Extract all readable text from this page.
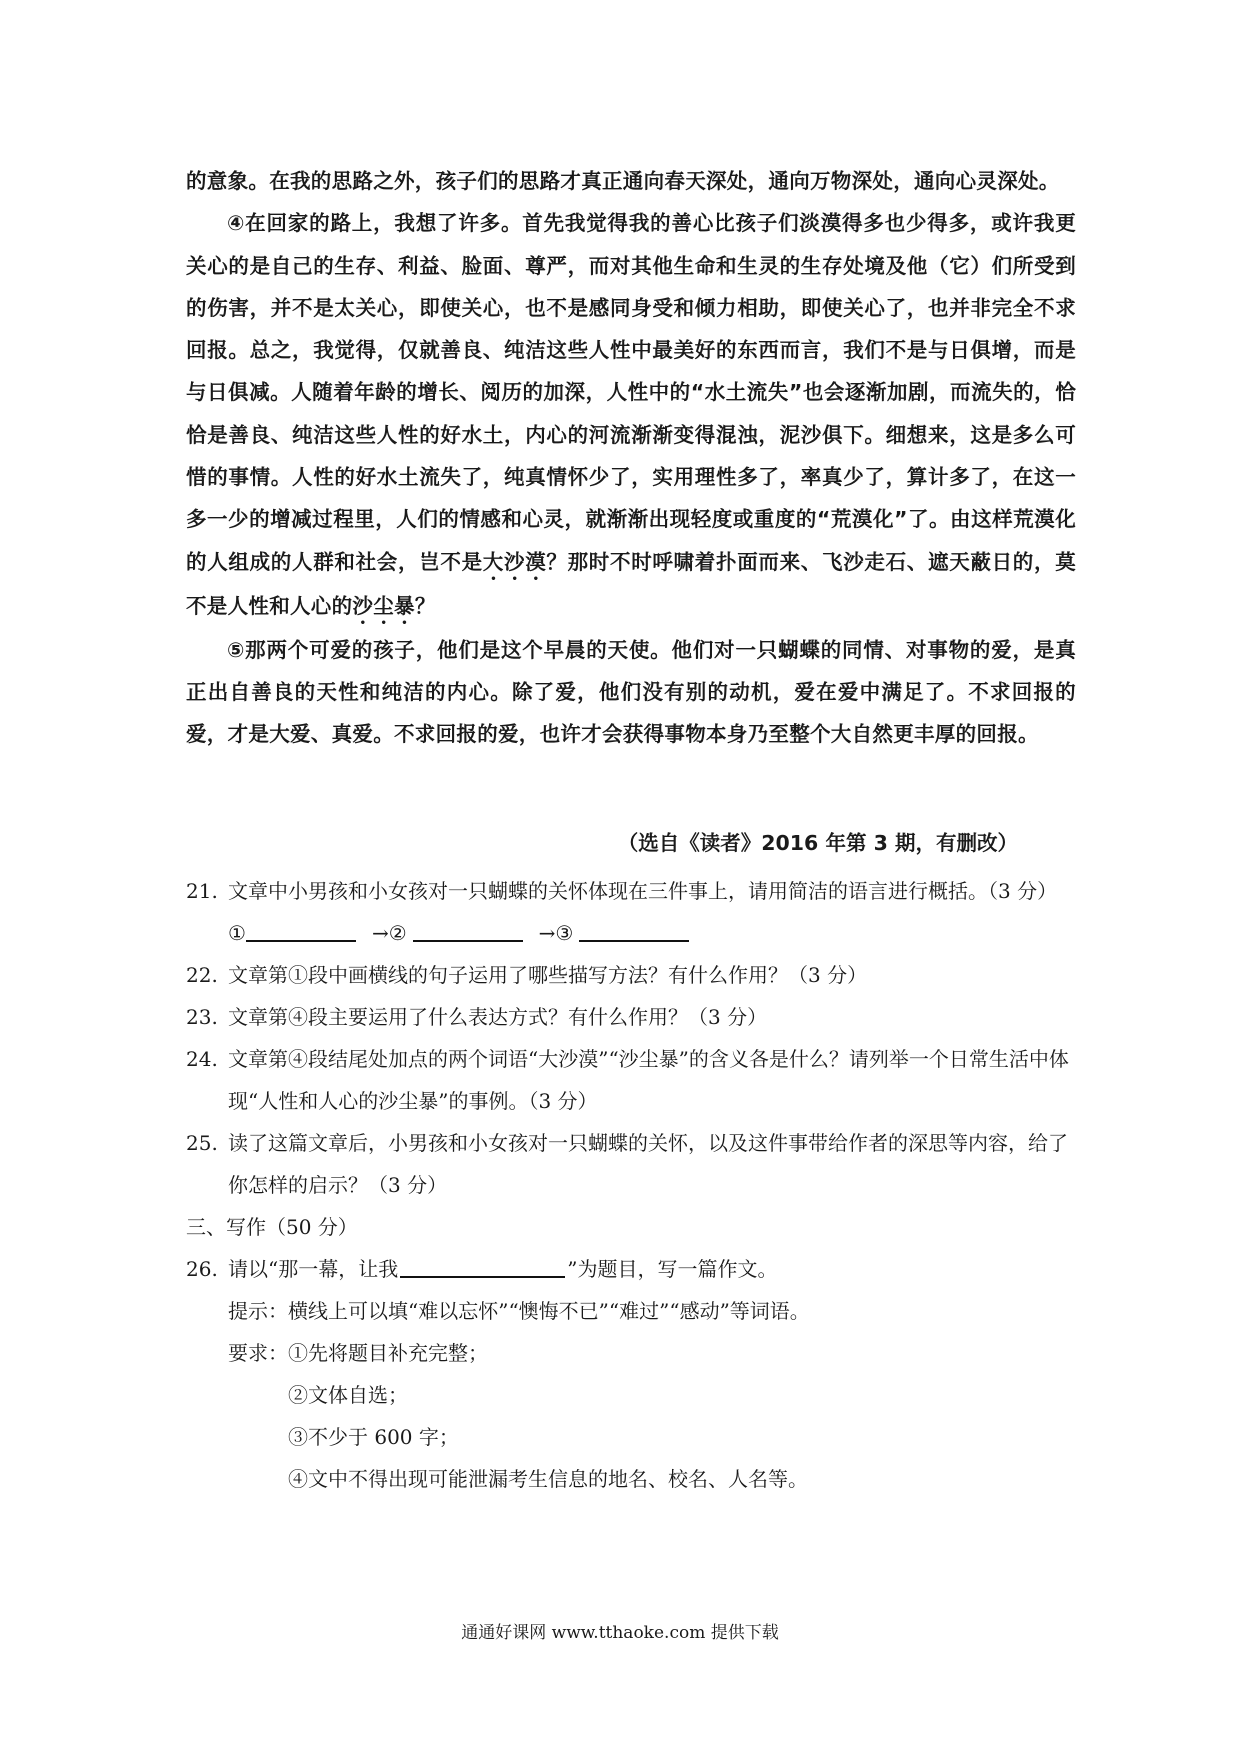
的意象。在我的思路之外，孩子们的思路才真正通向春天深处，通向万物深处，通向心灵深处。

④在回家的路上，我想了许多。首先我觉得我的善心比孩子们淡漠得多也少得多，或许我更关心的是自己的生存、利益、脸面、尊严，而对其他生命和生灵的生存处境及他（它）们所受到的伤害，并不是太关心，即使关心，也不是感同身受和倾力相助，即使关心了，也并非完全不求回报。总之，我觉得，仅就善良、纯洁这些人性中最美好的东西而言，我们不是与日俱增，而是与日俱减。人随着年龄的增长、阅历的加深，人性中的“水土流失”也会逐渐加剧，而流失的，恰恰是善良、纯洁这些人性的好水土，内心的河流渐渐变得混浊，泥沙俱下。细想来，这是多么可惜的事情。人性的好水土流失了，纯真情怀少了，实用理性多了，率真少了，算计多了，在这一多一少的增减过程里，人们的情感和心灵，就渐渐出现轻度或重度的“荒漠化”了。由这样荒漠化的人组成的人群和社会，岂不是大沙漠？那时不时呼啸着扑面而来、飞沙走石、遮天蔽日的，莫不是人性和人心的沙尘暴？

⑤那两个可爱的孩子，他们是这个早晨的天使。他们对一只蝴蝶的同情、对事物的爱，是真正出自善良的天性和纯洁的内心。除了爱，他们没有别的动机，爱在爱中满足了。不求回报的爱，才是大爱、真爱。不求回报的爱，也许才会获得事物本身乃至整个大自然更丰厚的回报。

（选自《读者》2016 年第 3 期，有删改）
21. 文章中小男孩和小女孩对一只蝴蝶的关怀体现在三件事上，请用简洁的语言进行概括。（3 分）
①	→②	→③
22. 文章第①段中画横线的句子运用了哪些描写方法？有什么作用？（3 分）
23. 文章第④段主要运用了什么表达方式？有什么作用？（3 分）
24. 文章第④段结尾处加点的两个词语“大沙漠”“沙尘暴”的含义各是什么？请列举一个日常生活中体现“人性和人心的沙尘暴”的事例。（3 分）
25. 读了这篇文章后，小男孩和小女孩对一只蝴蝶的关怀，以及这件事带给作者的深思等内容，给了你怎样的启示？（3 分）
三、写作（50 分）
26. 请以“那一幕，让我	”为题目，写一篇作文。
提示：横线上可以填“难以忘怀”“懊悔不已”“难过”“感动”等词语。
要求：①先将题目补充完整；
②文体自选；
③不少于 600 字；
④文中不得出现可能泄漏考生信息的地名、校名、人名等。
通通好课网 www.tthaoke.com 提供下载
